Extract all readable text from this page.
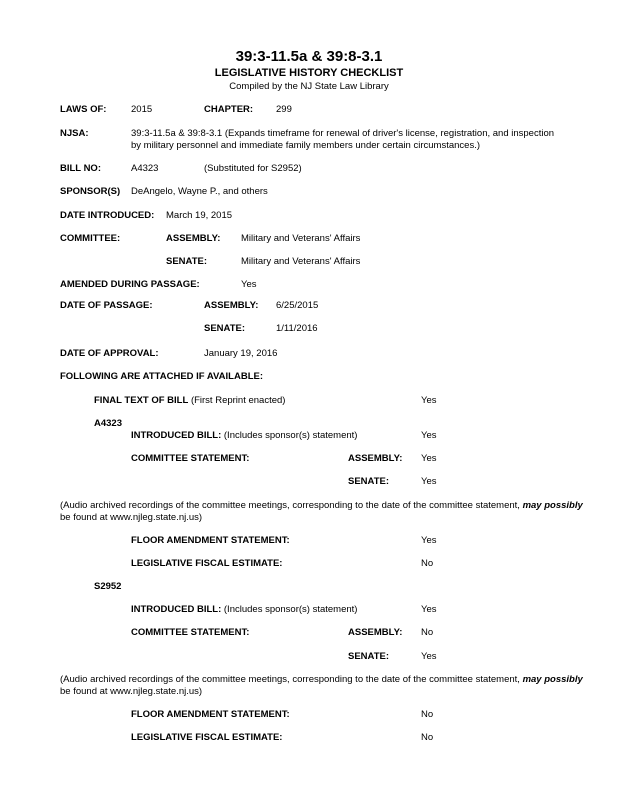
39:3-11.5a & 39:8-3.1
LEGISLATIVE HISTORY CHECKLIST
Compiled by the NJ State Law Library
LAWS OF:	2015	CHAPTER: 299
NJSA:	39:3-11.5a & 39:8-3.1 (Expands timeframe for renewal of driver's license, registration, and inspection by military personnel and immediate family members under certain circumstances.)
BILL NO:	A4323	(Substituted for S2952)
SPONSOR(S) DeAngelo, Wayne P., and others
DATE INTRODUCED: March 19, 2015
COMMITTEE:	ASSEMBLY: Military and Veterans' Affairs
SENATE:	Military and Veterans' Affairs
AMENDED DURING PASSAGE:	Yes
DATE OF PASSAGE:	ASSEMBLY: 6/25/2015
SENATE:	1/11/2016
DATE OF APPROVAL:	January 19, 2016
FOLLOWING ARE ATTACHED IF AVAILABLE:
FINAL TEXT OF BILL (First Reprint enacted)	Yes
A4323
INTRODUCED BILL: (Includes sponsor(s) statement)	Yes
COMMITTEE STATEMENT:	ASSEMBLY: Yes
SENATE:	Yes
(Audio archived recordings of the committee meetings, corresponding to the date of the committee statement, may possibly
be found at www.njleg.state.nj.us)
FLOOR AMENDMENT STATEMENT:	Yes
LEGISLATIVE FISCAL ESTIMATE:	No
S2952
INTRODUCED BILL: (Includes sponsor(s) statement)	Yes
COMMITTEE STATEMENT:	ASSEMBLY: No
SENATE:	Yes
(Audio archived recordings of the committee meetings, corresponding to the date of the committee statement, may possibly
be found at www.njleg.state.nj.us)
FLOOR AMENDMENT STATEMENT:	No
LEGISLATIVE FISCAL ESTIMATE:	No
